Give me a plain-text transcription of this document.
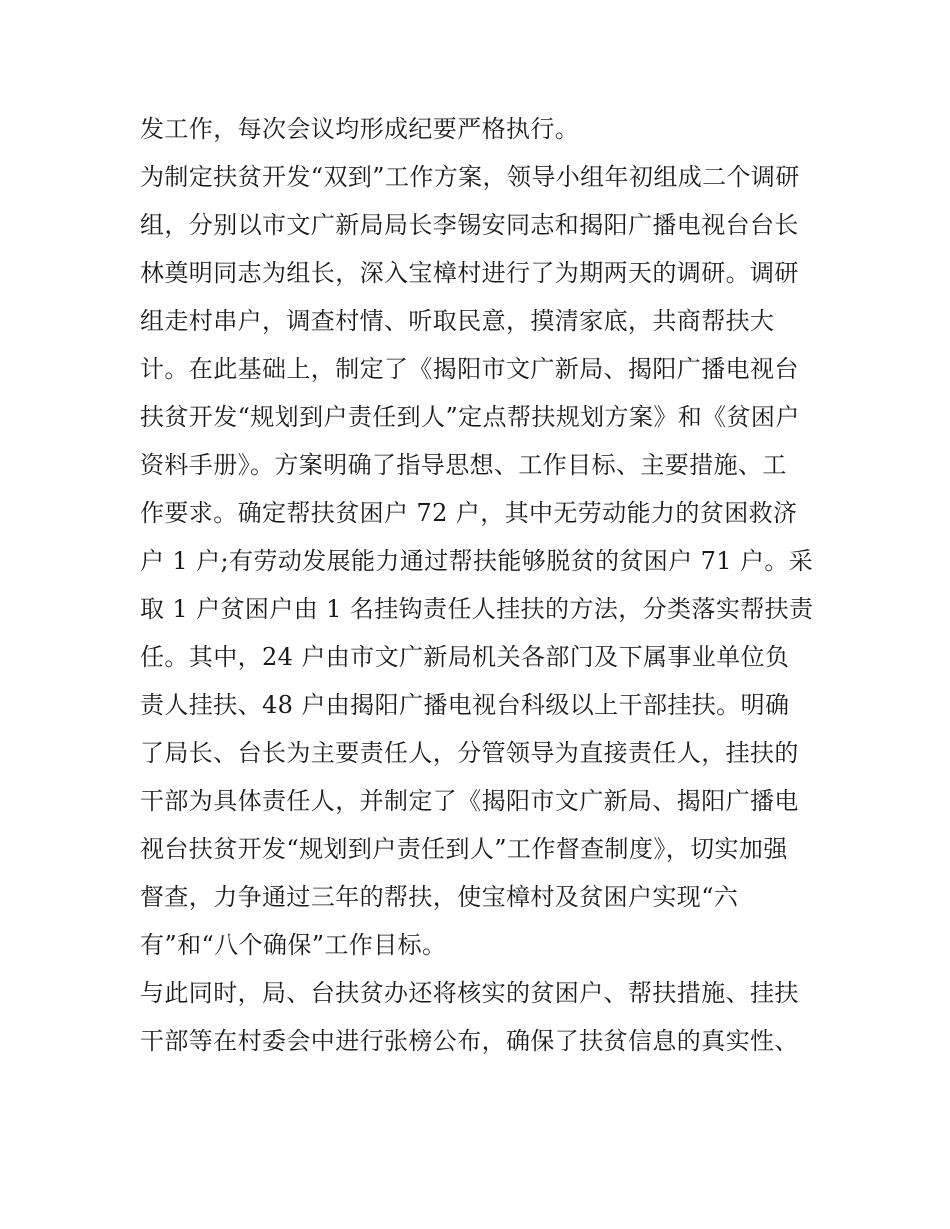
发工作，每次会议均形成纪要严格执行。
为制定扶贫开发“双到”工作方案，领导小组年初组成二个调研
组，分别以市文广新局局长李锡安同志和揭阳广播电视台台长
林奠明同志为组长，深入宝樟村进行了为期两天的调研。调研
组走村串户，调查村情、听取民意，摸清家底，共商帮扶大
计。在此基础上，制定了《揭阳市文广新局、揭阳广播电视台
扶贫开发“规划到户责任到人”定点帮扶规划方案》和《贫困户
资料手册》。方案明确了指导思想、工作目标、主要措施、工
作要求。确定帮扶贫困户 72 户，其中无劳动能力的贫困救济
户 1 户;有劳动发展能力通过帮扶能够脱贫的贫困户 71 户。采
取 1 户贫困户由 1 名挂钩责任人挂扶的方法，分类落实帮扶责
任。其中，24 户由市文广新局机关各部门及下属事业单位负
责人挂扶、48 户由揭阳广播电视台科级以上干部挂扶。明确
了局长、台长为主要责任人，分管领导为直接责任人，挂扶的
干部为具体责任人，并制定了《揭阳市文广新局、揭阳广播电
视台扶贫开发“规划到户责任到人”工作督查制度》，切实加强
督查，力争通过三年的帮扶，使宝樟村及贫困户实现“六
有”和“八个确保”工作目标。
与此同时，局、台扶贫办还将核实的贫困户、帮扶措施、挂扶
干部等在村委会中进行张榜公布，确保了扶贫信息的真实性、
